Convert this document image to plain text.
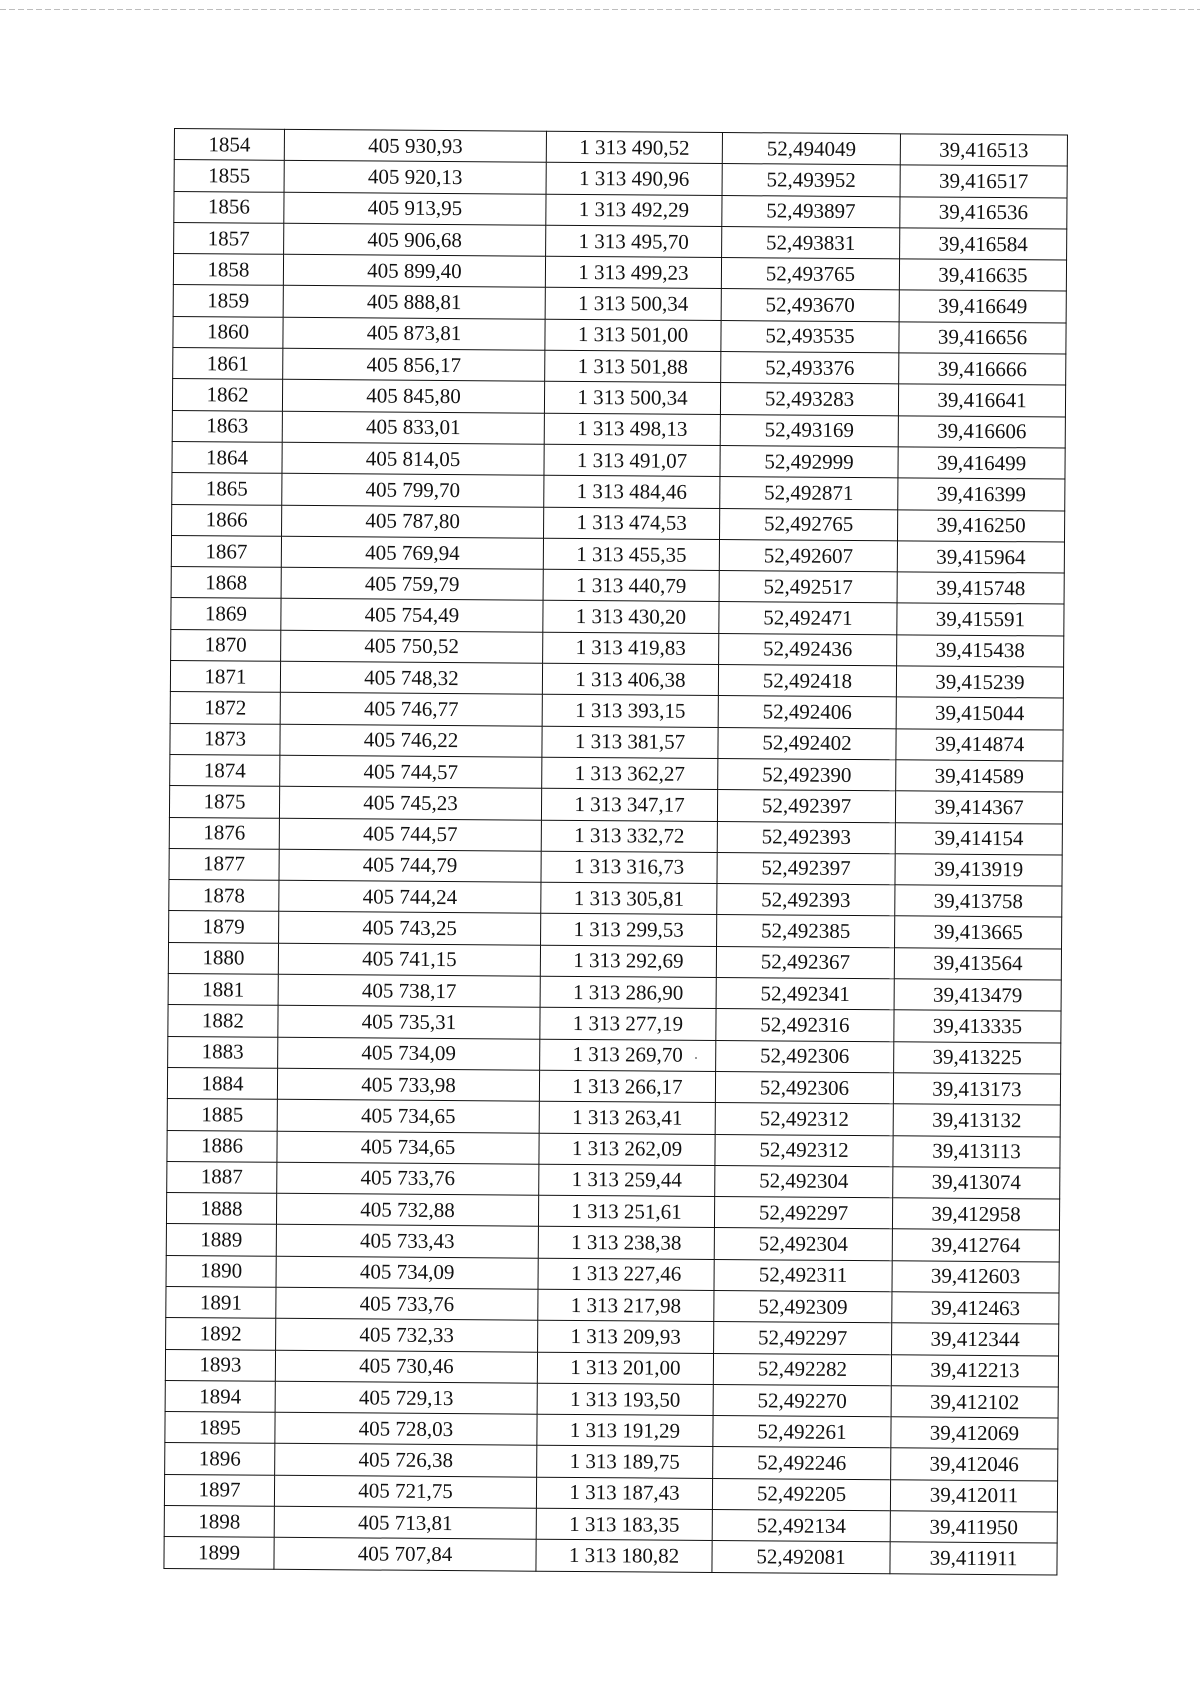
1854	405 930,93	1 313 490,52	52,494049	39,416513
1855	405 920,13	1 313 490,96	52,493952	39,416517
1856	405 913,95	1 313 492,29	52,493897	39,416536
1857	405 906,68	1 313 495,70	52,493831	39,416584
1858	405 899,40	1 313 499,23	52,493765	39,416635
1859	405 888,81	1 313 500,34	52,493670	39,416649
1860	405 873,81	1 313 501,00	52,493535	39,416656
1861	405 856,17	1 313 501,88	52,493376	39,416666
1862	405 845,80	1 313 500,34	52,493283	39,416641
1863	405 833,01	1 313 498,13	52,493169	39,416606
1864	405 814,05	1 313 491,07	52,492999	39,416499
1865	405 799,70	1 313 484,46	52,492871	39,416399
1866	405 787,80	1 313 474,53	52,492765	39,416250
1867	405 769,94	1 313 455,35	52,492607	39,415964
1868	405 759,79	1 313 440,79	52,492517	39,415748
1869	405 754,49	1 313 430,20	52,492471	39,415591
1870	405 750,52	1 313 419,83	52,492436	39,415438
1871	405 748,32	1 313 406,38	52,492418	39,415239
1872	405 746,77	1 313 393,15	52,492406	39,415044
1873	405 746,22	1 313 381,57	52,492402	39,414874
1874	405 744,57	1 313 362,27	52,492390	39,414589
1875	405 745,23	1 313 347,17	52,492397	39,414367
1876	405 744,57	1 313 332,72	52,492393	39,414154
1877	405 744,79	1 313 316,73	52,492397	39,413919
1878	405 744,24	1 313 305,81	52,492393	39,413758
1879	405 743,25	1 313 299,53	52,492385	39,413665
1880	405 741,15	1 313 292,69	52,492367	39,413564
1881	405 738,17	1 313 286,90	52,492341	39,413479
1882	405 735,31	1 313 277,19	52,492316	39,413335
1883	405 734,09	1 313 269,70	52,492306	39,413225
1884	405 733,98	1 313 266,17	52,492306	39,413173
1885	405 734,65	1 313 263,41	52,492312	39,413132
1886	405 734,65	1 313 262,09	52,492312	39,413113
1887	405 733,76	1 313 259,44	52,492304	39,413074
1888	405 732,88	1 313 251,61	52,492297	39,412958
1889	405 733,43	1 313 238,38	52,492304	39,412764
1890	405 734,09	1 313 227,46	52,492311	39,412603
1891	405 733,76	1 313 217,98	52,492309	39,412463
1892	405 732,33	1 313 209,93	52,492297	39,412344
1893	405 730,46	1 313 201,00	52,492282	39,412213
1894	405 729,13	1 313 193,50	52,492270	39,412102
1895	405 728,03	1 313 191,29	52,492261	39,412069
1896	405 726,38	1 313 189,75	52,492246	39,412046
1897	405 721,75	1 313 187,43	52,492205	39,412011
1898	405 713,81	1 313 183,35	52,492134	39,411950
1899	405 707,84	1 313 180,82	52,492081	39,411911
